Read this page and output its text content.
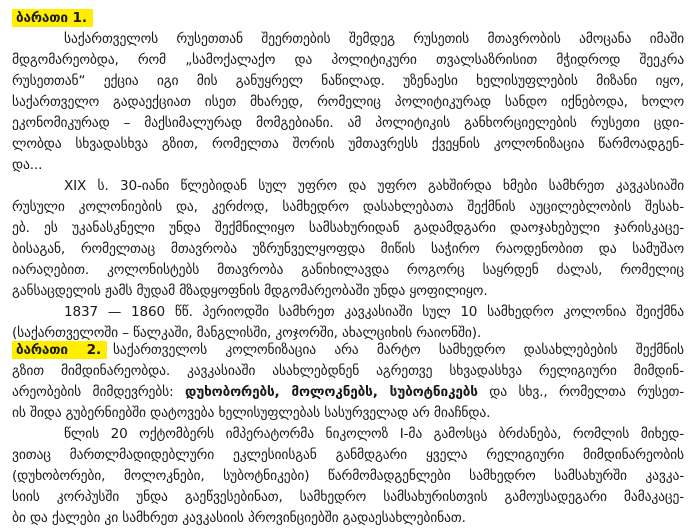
ბარათი 1.
საქართველოს რუსეთთან შეერთების შემდეგ რუსეთის მთავრობის ამოცანა იმაში
მდგომარეობდა, რომ „სამოქალაქო და პოლიტიკური თვალსაზრისით მჭიდროდ შეეკრა
რუსეთთან“ ექცია იგი მის განუყრელ ნაწილად. უზენაესი ხელისუფლების მიზანი იყო,
საქართველო გადაექციათ ისეთ მხარედ, რომელიც პოლიტიკურად სანდო იქნებოდა, ხოლო
ეკონომიკურად – მაქსიმალურად მომგებიანი. ამ პოლიტიკის განხორციელების რუსეთი ცდი-
ლობდა სხვადასხვა გზით, რომელთა შორის უმთავრესს ქვეყნის კოლონიზაცია წარმოადგენ-
და...
XIX ს. 30-იანი წლებიდან სულ უფრო და უფრო გახშირდა ხმები სამხრეთ კავკასიაში
რუსული კოლონიების და, კერძოდ, სამხედრო დასახლებათა შექმნის აუცილებლობის შესახ-
ებ. ეს უკანასკნელი უნდა შექმნილიყო სამსახურიდან გადამდგარი დაოჯახებული ჯარისკაცე-
ბისაგან, რომელთაც მთავრობა უზრუნველყოფდა მიწის საჭირო რაოდენობით და სამუშაო
იარაღებით. კოლონისტებს მთავრობა განიხილავდა როგორც საყრდენ ძალას, რომელიც
განსაცდელის ჟამს მუდამ მზადყოფნის მდგომარეობაში უნდა ყოფილიყო.
1837 — 1860 წწ. პერიოდში სამხრეთ კავკასიაში სულ 10 სამხედრო კოლონია შეიქმნა
(საქართველოში – წალკაში, მანგლისში, კოჯორში, ახალციხის რაიონში).
ბარათი 2. საქართველოს კოლონიზაცია არა მარტო სამხედრო დასახლებების შექმნის
გზით მიმდინარეობდა. კავკასიაში ასახლებდნენ აგრეთვე სხვადასხვა რელიგიური მიმდინ-
არეობების მიმდევრებს: დუხობორებს, მოლოკნებს, სუბოტნიკებს და სხვ., რომელთა რუსეთ-
ის შიდა გუბერნიებში დატოვება ხელისუფლებას სასურველად არ მიაჩნდა.
წლის 20 ოქტომბერს იმპერატორმა ნიკოლოზ I-მა გამოსცა ბრძანება, რომლის მიხედ-
ვითაც მართლმადიდებლური ეკლესიისგან განმდგარი ყველა რელიგიური მიმდინარეობის
(დუხობორები, მოლოკნები, სუბოტნიკები) წარმომადგენლები სამხედრო სამსახურში კავკა-
სიის კორპუსში უნდა გაეწვესებინათ, სამხედრო სამსახურისთვის გამოუსადეგარი მამაკაცე-
ბი და ქალები კი სამხრეთ კავკასიის პროვინციებში გადაესახლებინათ.
